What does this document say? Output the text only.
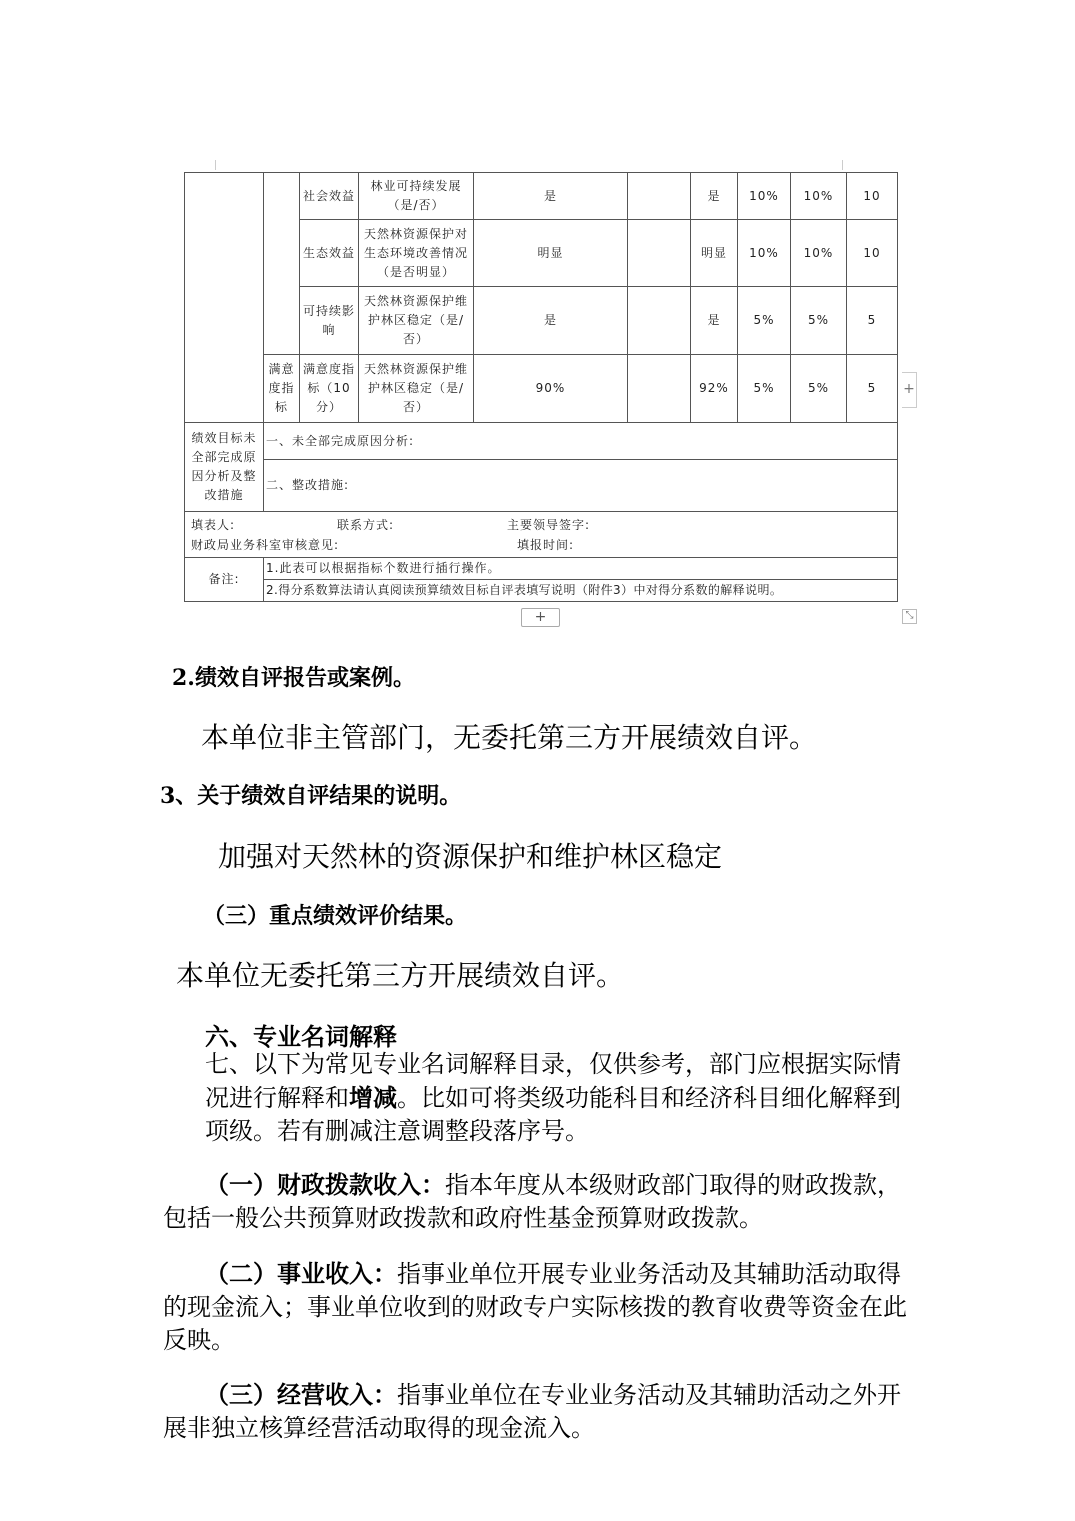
		社会效益	林业可持续发展（是/否）	是		是	10%	10%	10
		生态效益	天然林资源保护对生态环境改善情况（是否明显）	明显		明显	10%	10%	10
		可持续影响	天然林资源保护维护林区稳定（是/否）	是		是	5%	5%	5
	满意度指标	满意度指标（10分）	天然林资源保护维护林区稳定（是/否）	90%		92%	5%	5%	5
绩效目标未全部完成原因分析及整改措施	一、未全部完成原因分析:								
	二、整改措施:								

填表人: 联系方式: 主要领导签字:
财政局业务科室审核意见: 填报时间:									

备注:	1.此表可以根据指标个数进行插行操作。								
	2.得分系数算法请认真阅读预算绩效目标自评表填写说明（附件3）中对得分系数的解释说明。								
+
+	⤡
2.绩效自评报告或案例。
本单位非主管部门，无委托第三方开展绩效自评。
3、关于绩效自评结果的说明。
加强对天然林的资源保护和维护林区稳定
（三）重点绩效评价结果。
本单位无委托第三方开展绩效自评。
六、专业名词解释
七、以下为常见专业名词解释目录，仅供参考，部门应根据实际情况进行解释和增减。比如可将类级功能科目和经济科目细化解释到项级。若有删减注意调整段落序号。
（一）财政拨款收入：指本年度从本级财政部门取得的财政拨款，包括一般公共预算财政拨款和政府性基金预算财政拨款。
（二）事业收入：指事业单位开展专业业务活动及其辅助活动取得的现金流入；事业单位收到的财政专户实际核拨的教育收费等资金在此反映。
（三）经营收入：指事业单位在专业业务活动及其辅助活动之外开展非独立核算经营活动取得的现金流入。
